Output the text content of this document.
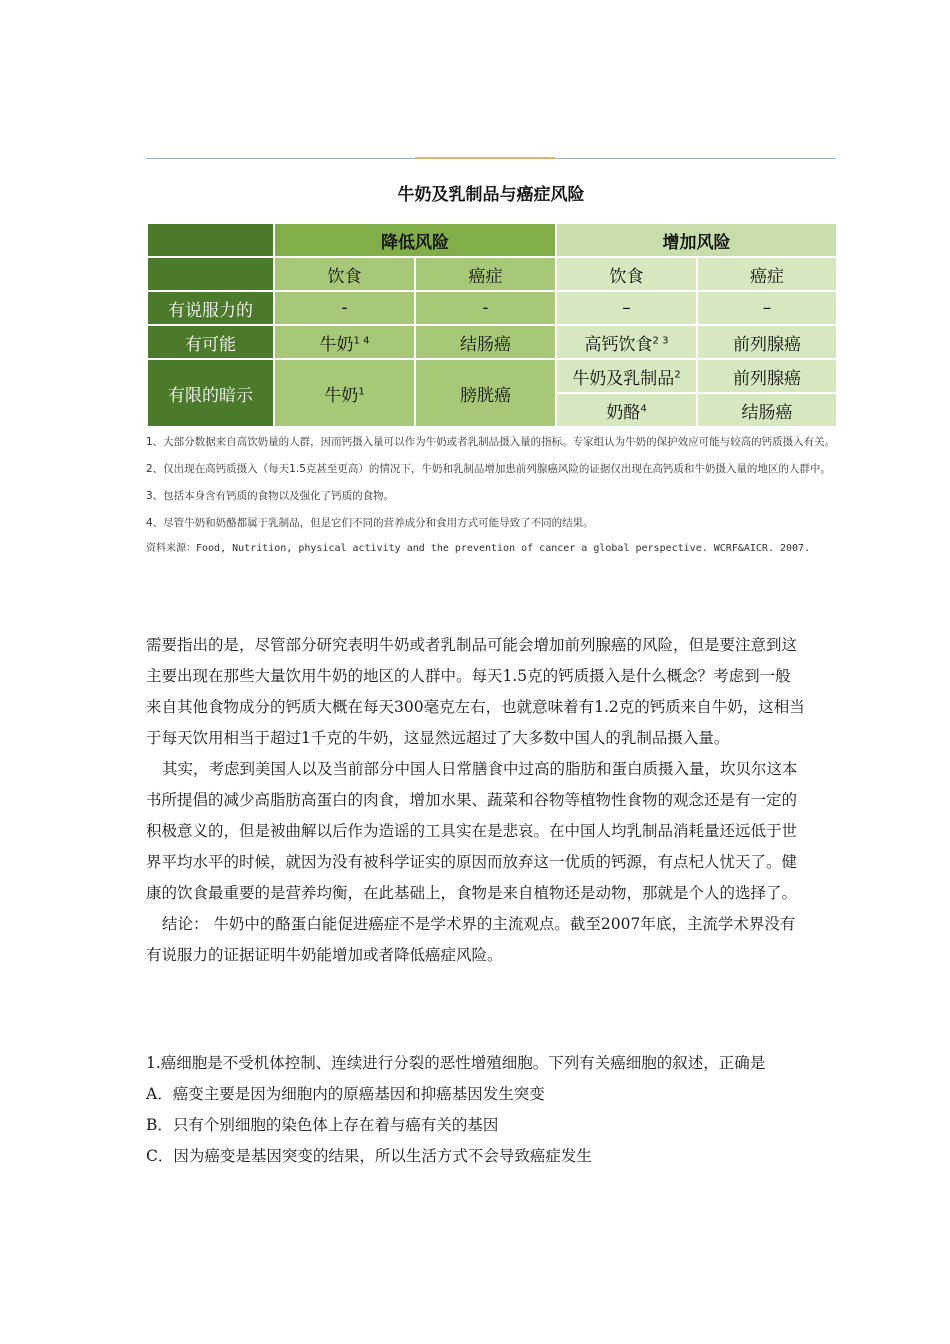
牛奶及乳制品与癌症风险
	降低风险		增加风险	
	饮食	癌症	饮食	癌症
有说服力的	-	-	–	–
有可能	牛奶$^{1 4}$	结肠癌	高钙饮食$^{2 3}$	前列腺癌
有限的暗示	牛奶$^1$	膀胱癌	牛奶及乳制品$^2$	前列腺癌
			奶酪$^4$	结肠癌

1、大部分数据来自高饮奶量的人群，因而钙摄入量可以作为牛奶或者乳制品摄入量的指标。专家组认为牛奶的保护效应可能与较高的钙质摄入有关。

2、仅出现在高钙质摄入（每天1.5克甚至更高）的情况下，牛奶和乳制品增加患前列腺癌风险的证据仅出现在高钙质和牛奶摄入量的地区的人群中。

3、包括本身含有钙质的食物以及强化了钙质的食物。

4、尽管牛奶和奶酪都属于乳制品，但是它们不同的营养成分和食用方式可能导致了不同的结果。

资料来源：Food, Nutrition, physical activity and the prevention of cancer a global perspective. WCRF&AICR. 2007.

需要指出的是，尽管部分研究表明牛奶或者乳制品可能会增加前列腺癌的风险，但是要注意到这主要出现在那些大量饮用牛奶的地区的人群中。每天1.5克的钙质摄入是什么概念？考虑到一般来自其他食物成分的钙质大概在每天300毫克左右，也就意味着有1.2克的钙质来自牛奶，这相当于每天饮用相当于超过1千克的牛奶，这显然远超过了大多数中国人的乳制品摄入量。

其实，考虑到美国人以及当前部分中国人日常膳食中过高的脂肪和蛋白质摄入量，坎贝尔这本书所提倡的减少高脂肪高蛋白的肉食，增加水果、蔬菜和谷物等植物性食物的观念还是有一定的积极意义的，但是被曲解以后作为造谣的工具实在是悲哀。在中国人均乳制品消耗量还远低于世界平均水平的时候，就因为没有被科学证实的原因而放弃这一优质的钙源，有点杞人忧天了。健康的饮食最重要的是营养均衡，在此基础上，食物是来自植物还是动物，那就是个人的选择了。

结论： 牛奶中的酪蛋白能促进癌症不是学术界的主流观点。截至2007年底，主流学术界没有有说服力的证据证明牛奶能增加或者降低癌症风险。

1.癌细胞是不受机体控制、连续进行分裂的恶性增殖细胞。下列有关癌细胞的叙述，正确是

A．癌变主要是因为细胞内的原癌基因和抑癌基因发生突变

B．只有个别细胞的染色体上存在着与癌有关的基因

C．因为癌变是基因突变的结果，所以生活方式不会导致癌症发生
